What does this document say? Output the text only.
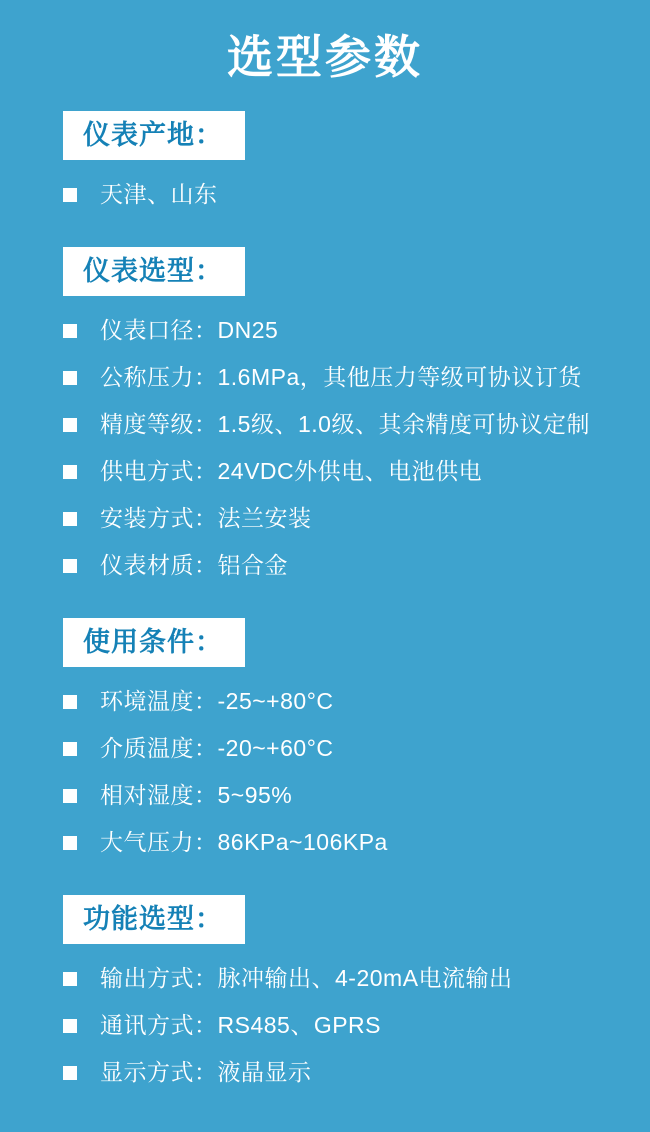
选型参数
仪表产地：
天津、山东
仪表选型：
仪表口径：DN25
公称压力：1.6MPa，其他压力等级可协议订货
精度等级：1.5级、1.0级、其余精度可协议定制
供电方式：24VDC外供电、电池供电
安装方式：法兰安装
仪表材质：铝合金
使用条件：
环境温度：-25~+80°C
介质温度：-20~+60°C
相对湿度：5~95%
大气压力：86KPa~106KPa
功能选型：
输出方式：脉冲输出、4-20mA电流输出
通讯方式：RS485、GPRS
显示方式：液晶显示
